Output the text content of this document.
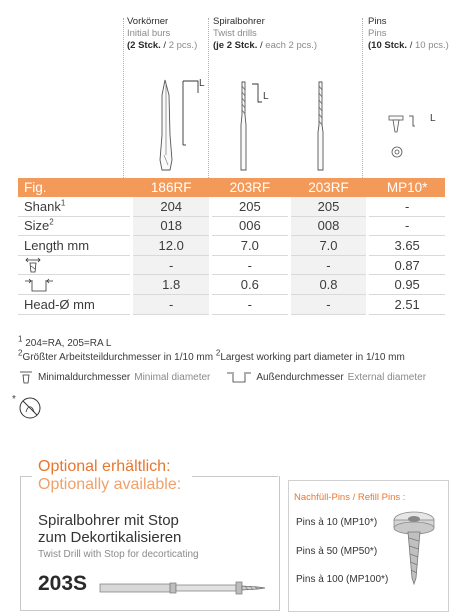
Vorkörner
Initial burs
(2 Stck. / 2 pcs.)
Spiralbohrer
Twist drills
(je 2 Stck. / each 2 pcs.)
Pins
Pins
(10 Stck. / 10 pcs.)
L
L
L
Fig.		186RF		203RF		203RF		MP10*
Shank$^1$		204		205		205		-
Size$^2$		018		006		008		-
Length mm		12.0		7.0		7.0		3.65
		-		-		-		0.87
		1.8		0.6		0.8		0.95
Head-Ø mm		-		-		-		2.51
$^1$ 204=RA, 205=RA L
$^2$Größter Arbeitsteildurchmesser in 1/10 mm $^2$Largest working part diameter in 1/10 mm
Minimaldurchmesser Minimal diameter	Außendurchmesser External diameter
*
Optional erhältlich:
Optionally available:
Spiralbohrer mit Stop
zum Dekortikalisieren
Twist Drill with Stop for decorticating
203S
Nachfüll-Pins / Refill Pins :
Pins à 10 (MP10*)
Pins à 50 (MP50*)
Pins à 100 (MP100*)
